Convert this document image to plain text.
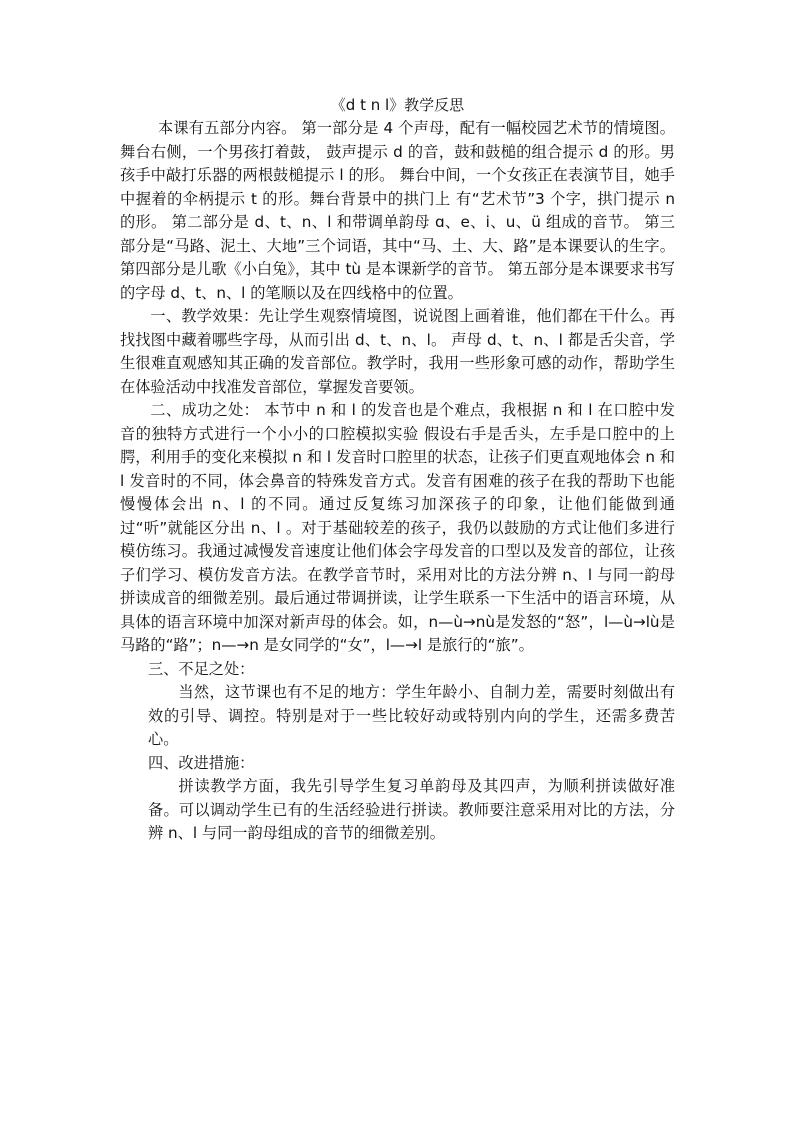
《d t n l》教学反思

本课有五部分内容。 第一部分是 4 个声母，配有一幅校园艺术节的情境图。舞台右侧，一个男孩打着鼓， 鼓声提示 d 的音，鼓和鼓槌的组合提示 d 的形。男孩手中敲打乐器的两根鼓槌提示 l 的形。 舞台中间，一个女孩正在表演节目，她手中握着的伞柄提示 t 的形。舞台背景中的拱门上 有“艺术节”3 个字，拱门提示 n 的形。 第二部分是 d、t、n、l 和带调单韵母 ɑ、e、i、u、ü 组成的音节。 第三部分是“马路、泥土、大地”三个词语，其中“马、土、大、路”是本课要认的生字。 第四部分是儿歌《小白兔》，其中 tù 是本课新学的音节。 第五部分是本课要求书写的字母 d、t、n、l 的笔顺以及在四线格中的位置。

一、教学效果：先让学生观察情境图，说说图上画着谁，他们都在干什么。再找找图中藏着哪些字母，从而引出 d、t、n、l。 声母 d、t、n、l 都是舌尖音，学生很难直观感知其正确的发音部位。教学时，我用一些形象可感的动作，帮助学生在体验活动中找准发音部位，掌握发音要领。

二、成功之处： 本节中 n 和 l 的发音也是个难点，我根据 n 和 l 在口腔中发音的独特方式进行一个小小的口腔模拟实验 假设右手是舌头，左手是口腔中的上腭，利用手的变化来模拟 n 和 l 发音时口腔里的状态，让孩子们更直观地体会 n 和 l 发音时的不同，体会鼻音的特殊发音方式。发音有困难的孩子在我的帮助下也能慢慢体会出 n、l 的不同。通过反复练习加深孩子的印象，让他们能做到通过“听”就能区分出 n、l 。对于基础较差的孩子，我仍以鼓励的方式让他们多进行模仿练习。我通过减慢发音速度让他们体会字母发音的口型以及发音的部位，让孩子们学习、模仿发音方法。在教学音节时，采用对比的方法分辨 n、l 与同一韵母拼读成音的细微差别。最后通过带调拼读，让学生联系一下生活中的语言环境，从具体的语言环境中加深对新声母的体会。如，n—ù→nù是发怒的“怒”，l—ù→lù是马路的“路”；n—→n 是女同学的“女”，l—→l 是旅行的“旅”。

三、不足之处：

当然，这节课也有不足的地方：学生年龄小、自制力差，需要时刻做出有效的引导、调控。特别是对于一些比较好动或特别内向的学生，还需多费苦心。

四、改进措施：

拼读教学方面，我先引导学生复习单韵母及其四声，为顺利拼读做好准备。可以调动学生已有的生活经验进行拼读。教师要注意采用对比的方法，分辨 n、l 与同一韵母组成的音节的细微差别。
